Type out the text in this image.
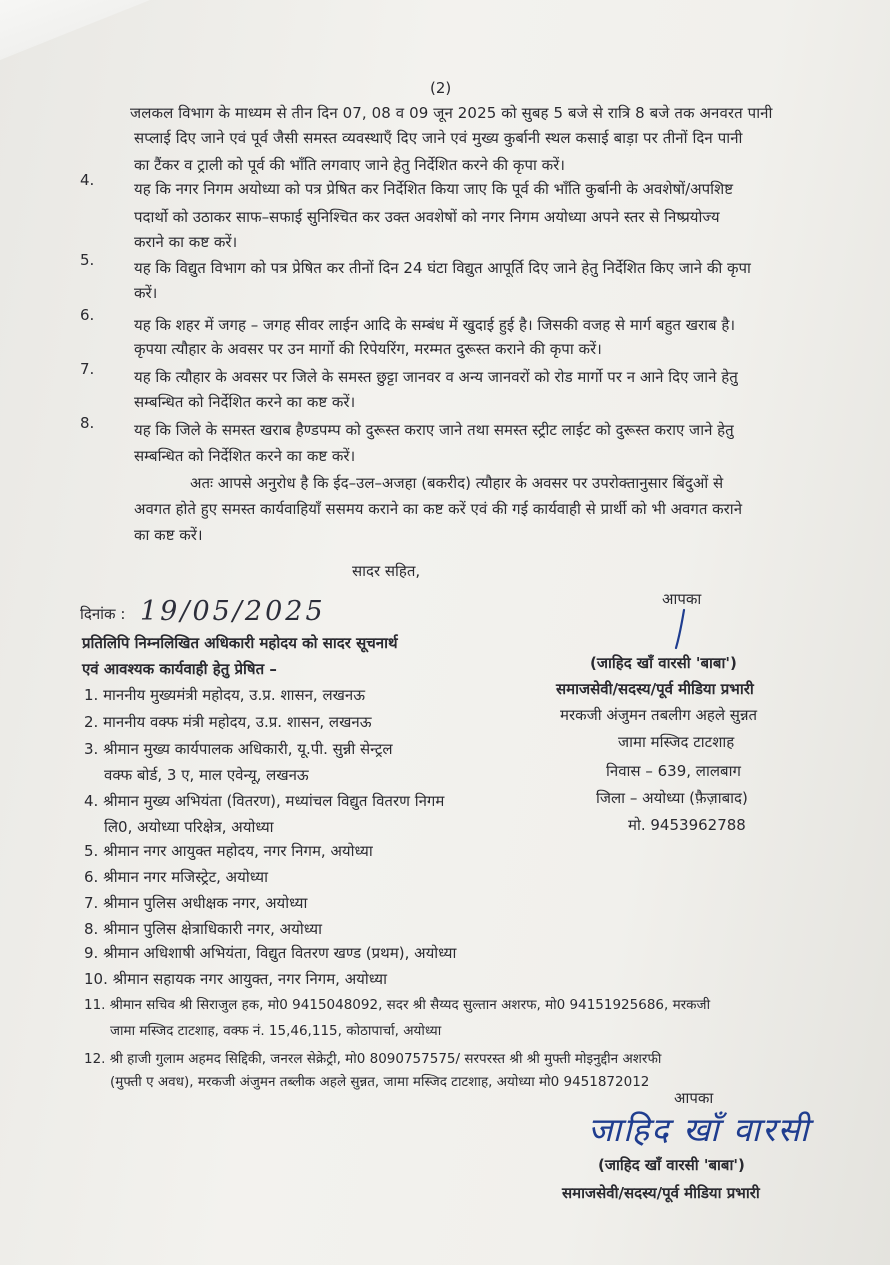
(2)
जलकल विभाग के माध्यम से तीन दिन 07, 08 व 09 जून 2025 को सुबह 5 बजे से रात्रि 8 बजे तक अनवरत पानी
सप्लाई दिए जाने एवं पूर्व जैसी समस्त व्यवस्थाएँ दिए जाने एवं मुख्य कुर्बानी स्थल कसाई बाड़ा पर तीनों दिन पानी
का टैंकर व ट्राली को पूर्व की भाँति लगवाए जाने हेतु निर्देशित करने की कृपा करें।
4.	यह कि नगर निगम अयोध्या को पत्र प्रेषित कर निर्देशित किया जाए कि पूर्व की भाँति कुर्बानी के अवशेषों/अपशिष्ट
पदार्थो को उठाकर साफ–सफाई सुनिश्चित कर उक्त अवशेषों को नगर निगम अयोध्या अपने स्तर से निष्प्रयोज्य
कराने का कष्ट करें।
5.	यह कि विद्युत विभाग को पत्र प्रेषित कर तीनों दिन 24 घंटा विद्युत आपूर्ति दिए जाने हेतु निर्देशित किए जाने की कृपा
करें।
6.
यह कि शहर में जगह – जगह सीवर लाईन आदि के सम्बंध में खुदाई हुई है। जिसकी वजह से मार्ग बहुत खराब है।
कृपया त्यौहार के अवसर पर उन मार्गो की रिपेयरिंग, मरम्मत दुरूस्त कराने की कृपा करें।
7.	यह कि त्यौहार के अवसर पर जिले के समस्त छुट्टा जानवर व अन्य जानवरों को रोड मार्गो पर न आने दिए जाने हेतु
सम्बन्धित को निर्देशित करने का कष्ट करें।
8.	यह कि जिले के समस्त खराब हैण्डपम्प को दुरूस्त कराए जाने तथा समस्त स्ट्रीट लाईट को दुरूस्त कराए जाने हेतु
सम्बन्धित को निर्देशित करने का कष्ट करें।
अतः आपसे अनुरोध है कि ईद–उल–अजहा (बकरीद) त्यौहार के अवसर पर उपरोक्तानुसार बिंदुओं से
अवगत होते हुए समस्त कार्यवाहियाँ ससमय कराने का कष्ट करें एवं की गई कार्यवाही से प्रार्थी को भी अवगत कराने
का कष्ट करें।
सादर सहित,
आपका
(जाहिद खाँ वारसी 'बाबा')
समाजसेवी/सदस्य/पूर्व मीडिया प्रभारी
मरकजी अंजुमन तबलीग अहले सुन्नत
जामा मस्जिद टाटशाह
निवास – 639, लालबाग
जिला – अयोध्या (फ़ैज़ाबाद)
मो. 9453962788
दिनांक : 19/05/2025
प्रतिलिपि निम्नलिखित अधिकारी महोदय को सादर सूचनार्थ
एवं आवश्यक कार्यवाही हेतु प्रेषित –
1. माननीय मुख्यमंत्री महोदय, उ.प्र. शासन, लखनऊ
2. माननीय वक्फ मंत्री महोदय, उ.प्र. शासन, लखनऊ
3. श्रीमान मुख्य कार्यपालक अधिकारी, यू.पी. सुन्नी सेन्ट्रल
वक्फ बोर्ड, 3 ए, माल एवेन्यू, लखनऊ
4. श्रीमान मुख्य अभियंता (वितरण), मध्यांचल विद्युत वितरण निगम
लि0, अयोध्या परिक्षेत्र, अयोध्या
5. श्रीमान नगर आयुक्त महोदय, नगर निगम, अयोध्या
6. श्रीमान नगर मजिस्ट्रेट, अयोध्या
7. श्रीमान पुलिस अधीक्षक नगर, अयोध्या
8. श्रीमान पुलिस क्षेत्राधिकारी नगर, अयोध्या
9. श्रीमान अधिशाषी अभियंता, विद्युत वितरण खण्ड (प्रथम), अयोध्या
10. श्रीमान सहायक नगर आयुक्त, नगर निगम, अयोध्या
11. श्रीमान सचिव श्री सिराजुल हक, मो0 9415048092, सदर श्री सैय्यद सुल्तान अशरफ, मो0 94151925686, मरकजी
जामा मस्जिद टाटशाह, वक्फ नं. 15,46,115, कोठापार्चा, अयोध्या
12. श्री हाजी गुलाम अहमद सिद्दिकी, जनरल सेक्रेट्री, मो0 8090757575/ सरपरस्त श्री श्री मुफ्ती मोइनुद्दीन अशरफी
(मुफ्ती ए अवध), मरकजी अंजुमन तब्लीक अहले सुन्नत, जामा मस्जिद टाटशाह, अयोध्या मो0 9451872012
आपका
जाहिद खाँ वारसी
(जाहिद खाँ वारसी 'बाबा')
समाजसेवी/सदस्य/पूर्व मीडिया प्रभारी
